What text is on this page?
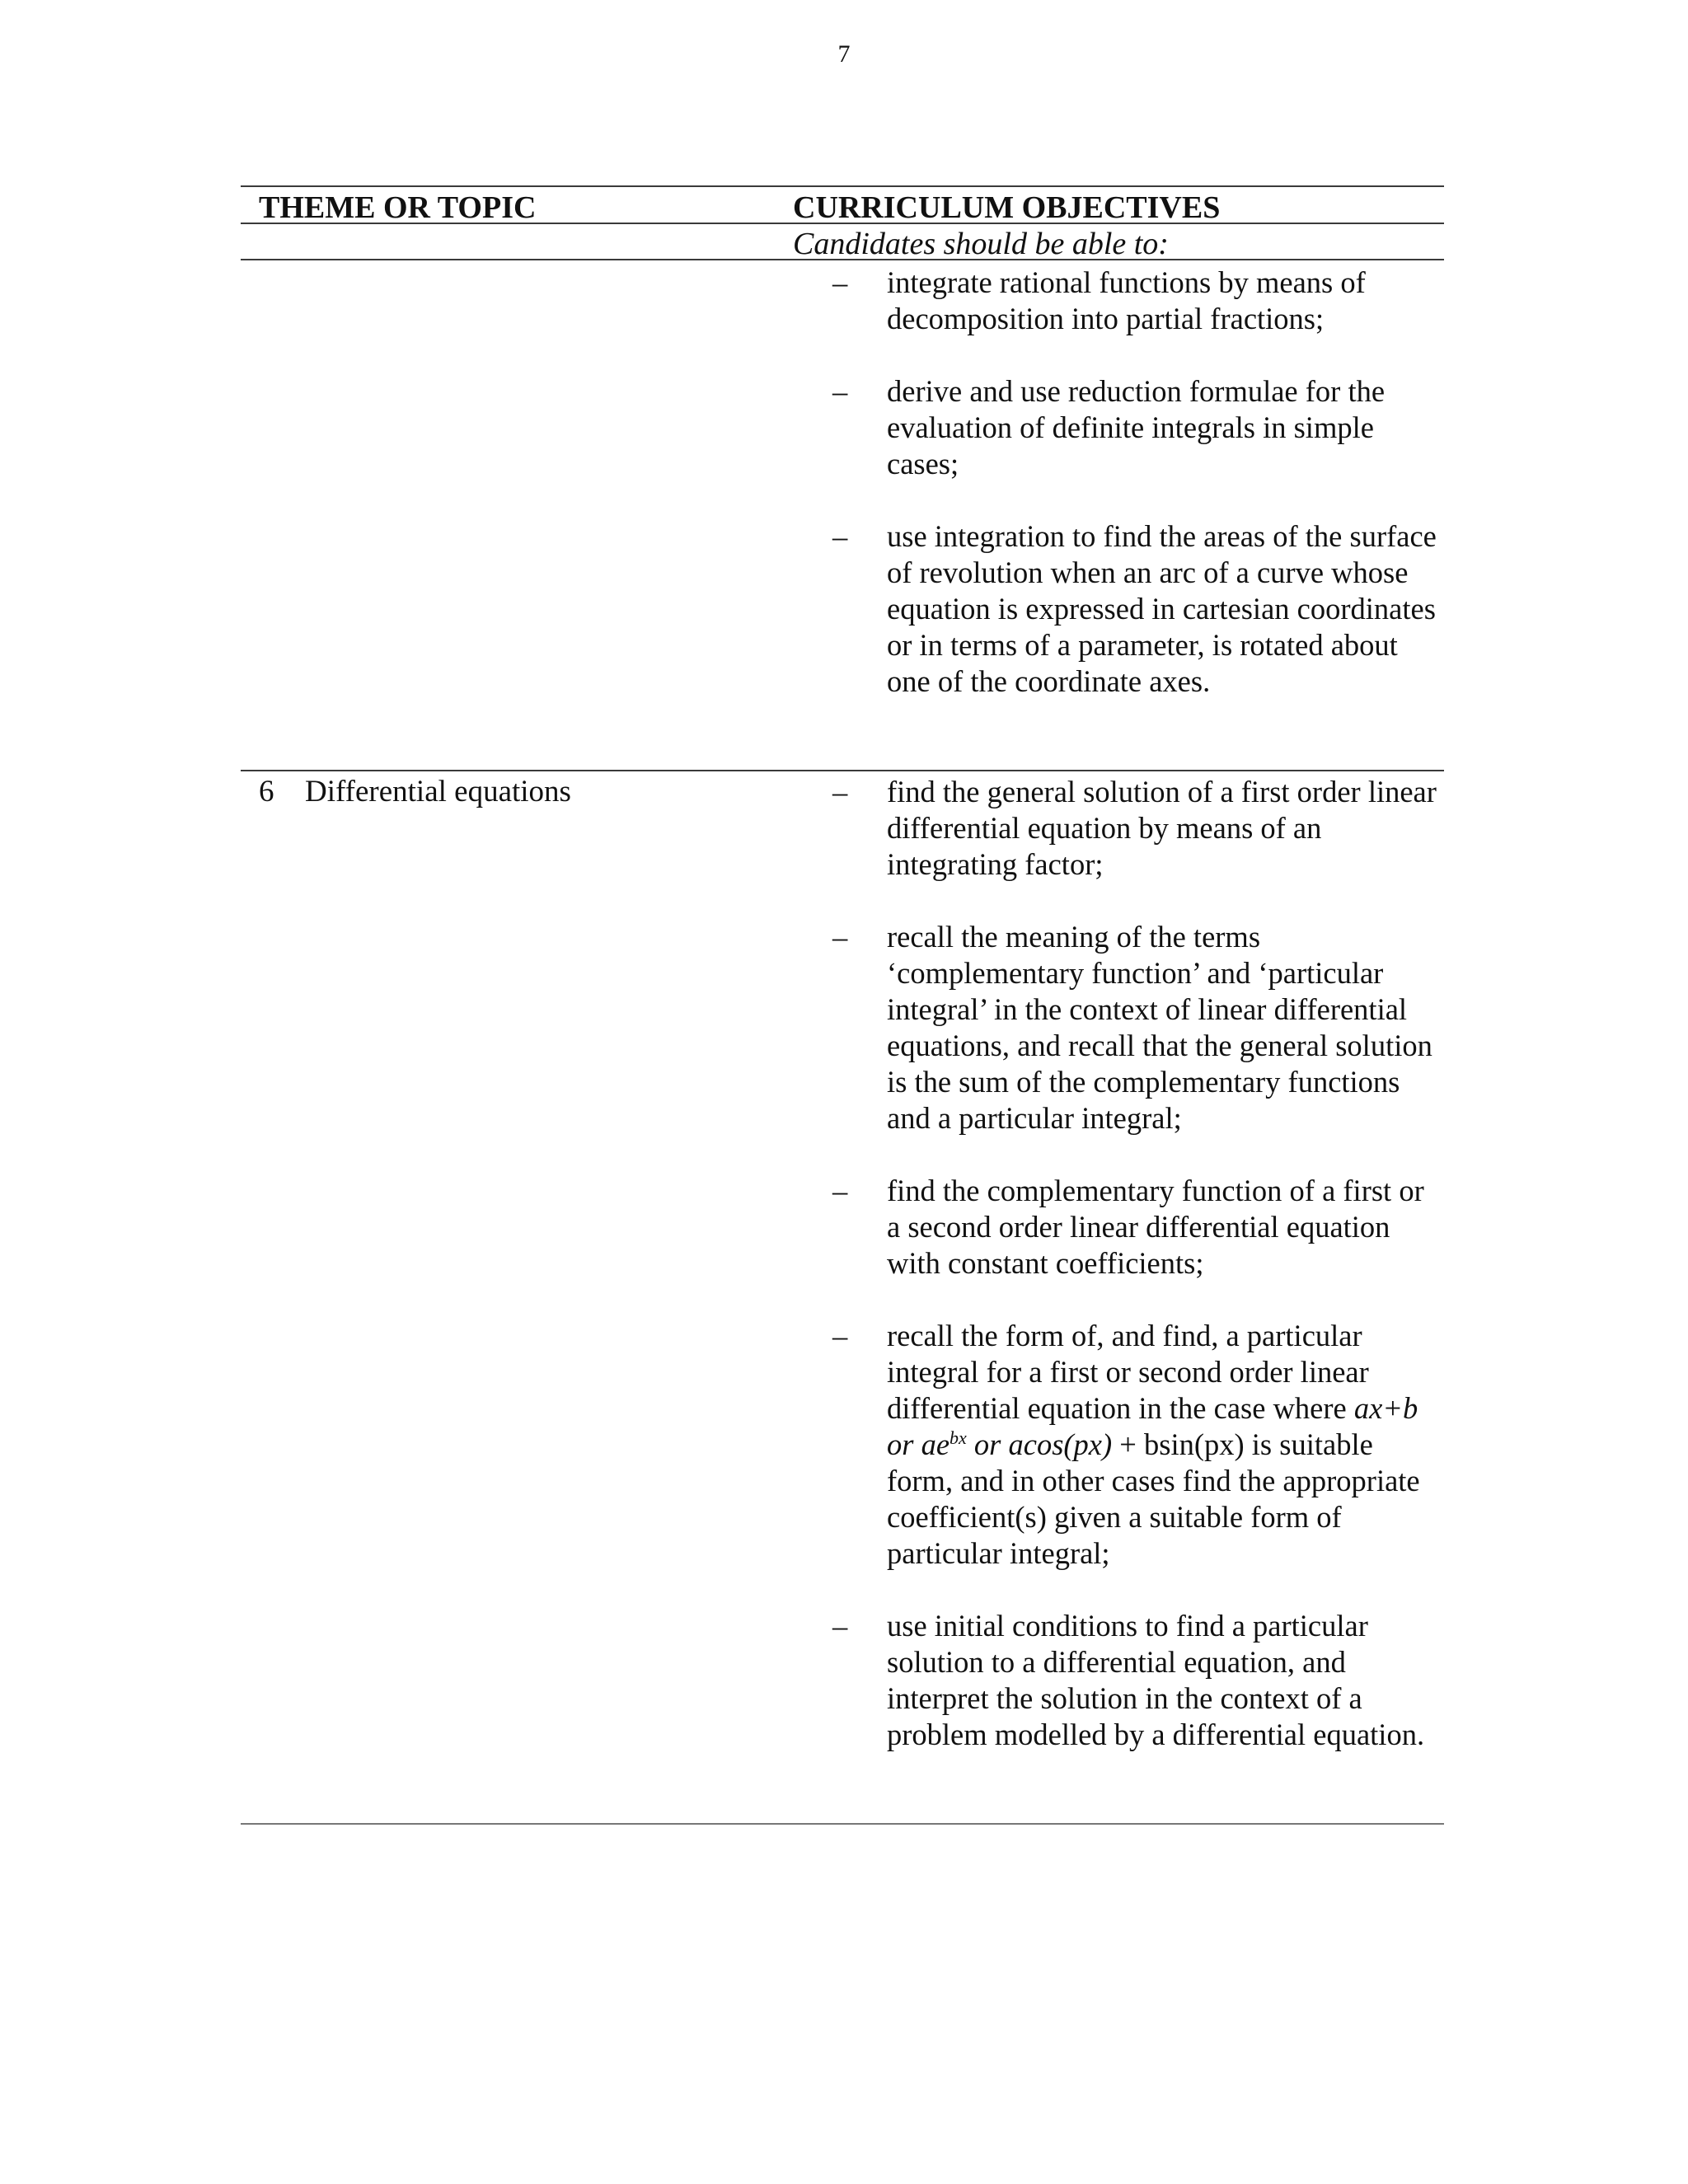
7
THEME OR TOPIC	CURRICULUM OBJECTIVES
Candidates should be able to:
– integrate rational functions by means of decomposition into partial fractions;
– derive and use reduction formulae for the evaluation of definite integrals in simple cases;
– use integration to find the areas of the surface of revolution when an arc of a curve whose equation is expressed in cartesian coordinates or in terms of a parameter, is rotated about one of the coordinate axes.
6 Differential equations	– find the general solution of a first order linear differential equation by means of an integrating factor;
– recall the meaning of the terms ‘complementary function’ and ‘particular integral’ in the context of linear differential equations, and recall that the general solution is the sum of the complementary functions and a particular integral;
– find the complementary function of a first or a second order linear differential equation with constant coefficients;
– recall the form of, and find, a particular integral for a first or second order linear differential equation in the case where ax+b or $ae^{bx}$ or acos(px) + bsin(px) is suitable form, and in other cases find the appropriate coefficient(s) given a suitable form of particular integral;
– use initial conditions to find a particular solution to a differential equation, and interpret the solution in the context of a problem modelled by a differential equation.
